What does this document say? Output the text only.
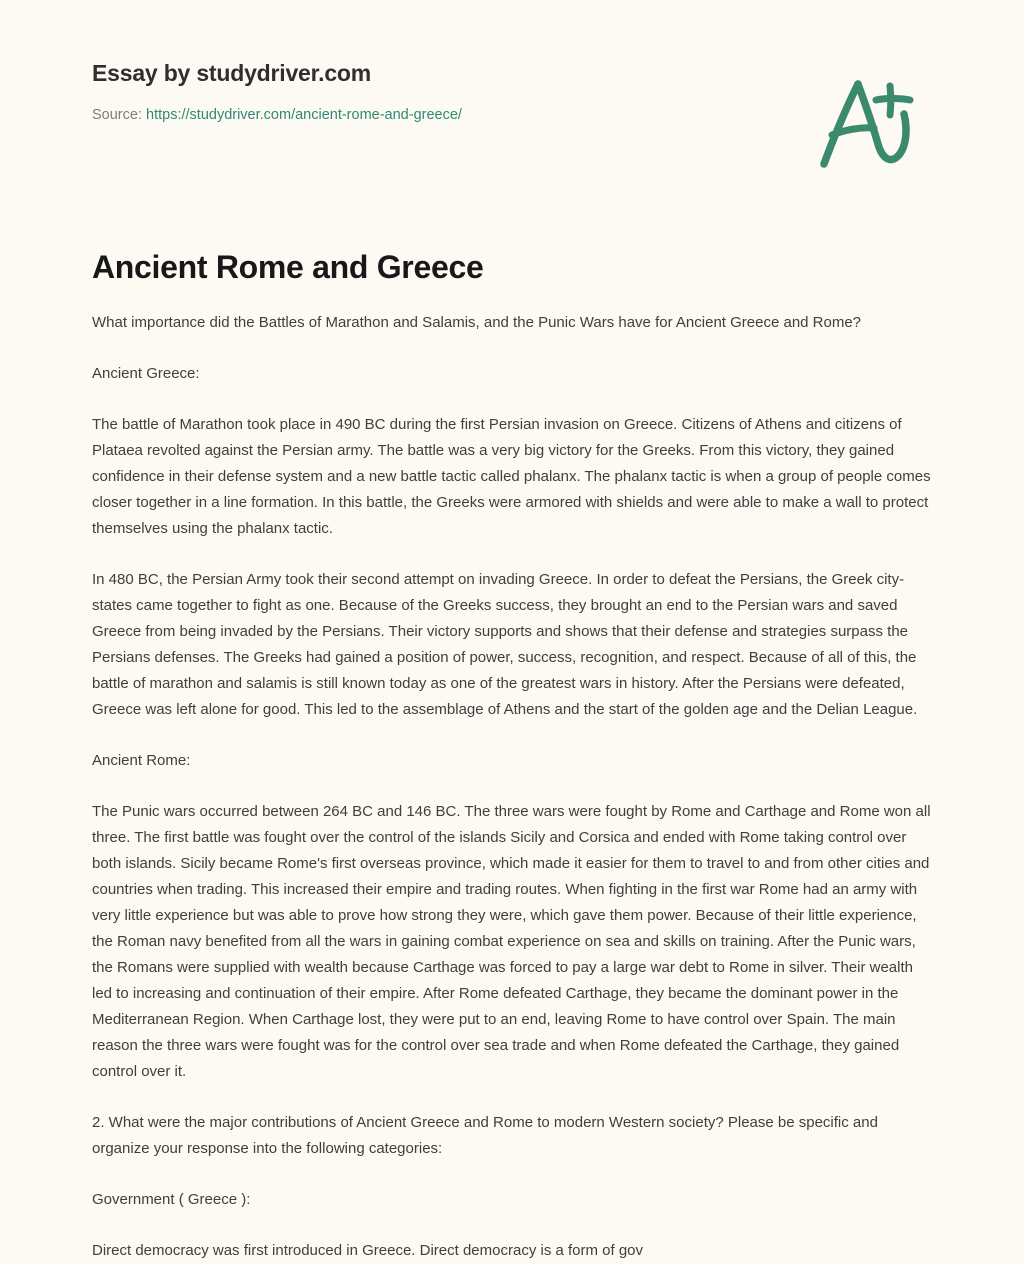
Essay by studydriver.com
Source: https://studydriver.com/ancient-rome-and-greece/
Ancient Rome and Greece

What importance did the Battles of Marathon and Salamis, and the Punic Wars have for Ancient Greece and Rome?

Ancient Greece:

The battle of Marathon took place in 490 BC during the first Persian invasion on Greece. Citizens of Athens and citizens of Plataea revolted against the Persian army. The battle was a very big victory for the Greeks. From this victory, they gained confidence in their defense system and a new battle tactic called phalanx. The phalanx tactic is when a group of people comes closer together in a line formation. In this battle, the Greeks were armored with shields and were able to make a wall to protect themselves using the phalanx tactic.

In 480 BC, the Persian Army took their second attempt on invading Greece. In order to defeat the Persians, the Greek city-states came together to fight as one. Because of the Greeks success, they brought an end to the Persian wars and saved Greece from being invaded by the Persians. Their victory supports and shows that their defense and strategies surpass the Persians defenses. The Greeks had gained a position of power, success, recognition, and respect. Because of all of this, the battle of marathon and salamis is still known today as one of the greatest wars in history. After the Persians were defeated, Greece was left alone for good. This led to the assemblage of Athens and the start of the golden age and the Delian League.

Ancient Rome:

The Punic wars occurred between 264 BC and 146 BC. The three wars were fought by Rome and Carthage and Rome won all three. The first battle was fought over the control of the islands Sicily and Corsica and ended with Rome taking control over both islands. Sicily became Rome's first overseas province, which made it easier for them to travel to and from other cities and countries when trading. This increased their empire and trading routes. When fighting in the first war Rome had an army with very little experience but was able to prove how strong they were, which gave them power. Because of their little experience, the Roman navy benefited from all the wars in gaining combat experience on sea and skills on training. After the Punic wars, the Romans were supplied with wealth because Carthage was forced to pay a large war debt to Rome in silver. Their wealth led to increasing and continuation of their empire. After Rome defeated Carthage, they became the dominant power in the Mediterranean Region. When Carthage lost, they were put to an end, leaving Rome to have control over Spain. The main reason the three wars were fought was for the control over sea trade and when Rome defeated the Carthage, they gained control over it.

2. What were the major contributions of Ancient Greece and Rome to modern Western society? Please be specific and organize your response into the following categories:

Government ( Greece ):

Direct democracy was first introduced in Greece. Direct democracy is a form of gov
